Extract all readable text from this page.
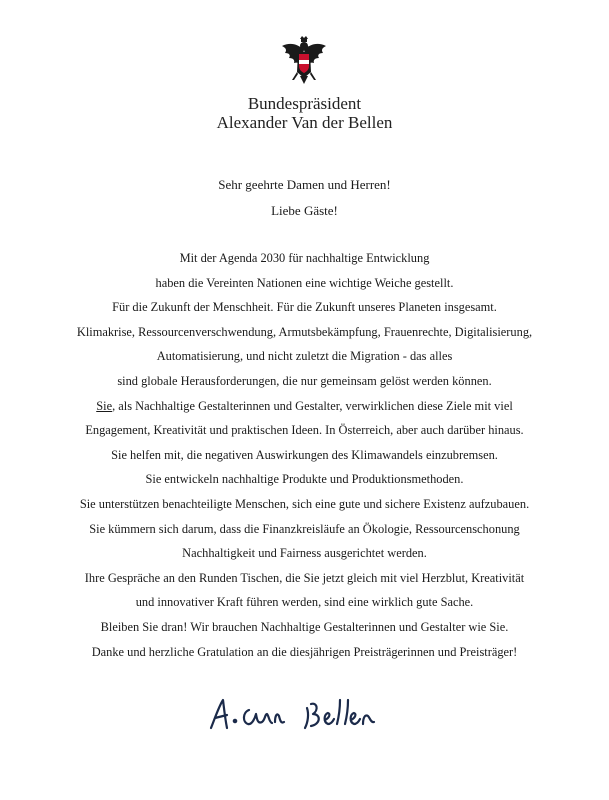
Bundespräsident
Alexander Van der Bellen
Sehr geehrte Damen und Herren!
Liebe Gäste!
Mit der Agenda 2030 für nachhaltige Entwicklung
haben die Vereinten Nationen eine wichtige Weiche gestellt.
Für die Zukunft der Menschheit. Für die Zukunft unseres Planeten insgesamt.
Klimakrise, Ressourcenverschwendung, Armutsbekämpfung, Frauenrechte, Digitalisierung,
Automatisierung, und nicht zuletzt die Migration - das alles
sind globale Herausforderungen, die nur gemeinsam gelöst werden können.
Sie, als Nachhaltige Gestalterinnen und Gestalter, verwirklichen diese Ziele mit viel
Engagement, Kreativität und praktischen Ideen. In Österreich, aber auch darüber hinaus.
Sie helfen mit, die negativen Auswirkungen des Klimawandels einzubremsen.
Sie entwickeln nachhaltige Produkte und Produktionsmethoden.
Sie unterstützen benachteiligte Menschen, sich eine gute und sichere Existenz aufzubauen.
Sie kümmern sich darum, dass die Finanzkreisläufe an Ökologie, Ressourcenschonung
Nachhaltigkeit und Fairness ausgerichtet werden.
Ihre Gespräche an den Runden Tischen, die Sie jetzt gleich mit viel Herzblut, Kreativität
und innovativer Kraft führen werden, sind eine wirklich gute Sache.
Bleiben Sie dran! Wir brauchen Nachhaltige Gestalterinnen und Gestalter wie Sie.
Danke und herzliche Gratulation an die diesjährigen Preisträgerinnen und Preisträger!
